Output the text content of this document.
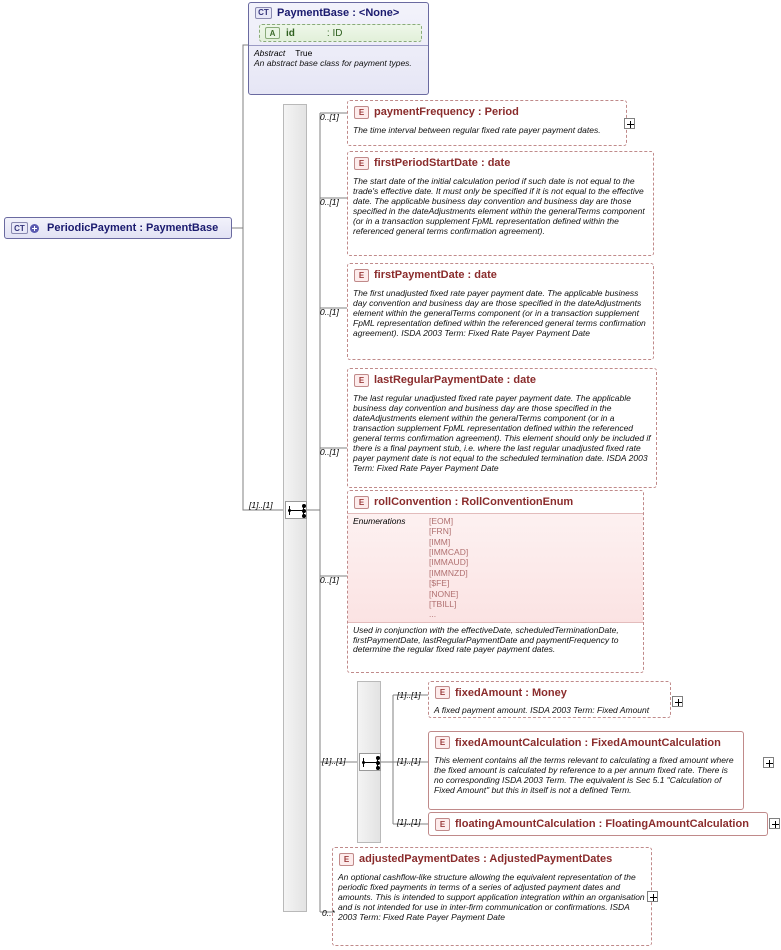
CT PeriodicPayment : PaymentBase
CT PaymentBase : <None>
A	id	: ID
Abstract True
An abstract base class for payment types.
[1]..[1]
E paymentFrequency : Period
The time interval between regular fixed rate payer payment dates.
0..[1]
E firstPeriodStartDate : date
The start date of the initial calculation period if such date is not equal to the trade's effective date. It must only be specified if it is not equal to the effective date. The applicable business day convention and business day are those specified in the dateAdjustments element within the generalTerms component (or in a transaction supplement FpML representation defined within the referenced general terms confirmation agreement).
0..[1]
E firstPaymentDate : date
The first unadjusted fixed rate payer payment date. The applicable business day convention and business day are those specified in the dateAdjustments element within the generalTerms component (or in a transaction supplement FpML representation defined within the referenced general terms confirmation agreement). ISDA 2003 Term: Fixed Rate Payer Payment Date
0..[1]
E lastRegularPaymentDate : date
The last regular unadjusted fixed rate payer payment date. The applicable business day convention and business day are those specified in the dateAdjustments element within the generalTerms component (or in a transaction supplement FpML representation defined within the referenced general terms confirmation agreement). This element should only be included if there is a final payment stub, i.e. where the last regular unadjusted fixed rate payer payment date is not equal to the scheduled termination date. ISDA 2003 Term: Fixed Rate Payer Payment Date
0..[1]
E rollConvention : RollConventionEnum
Enumerations	[EOM]
[FRN]
[IMM]
[IMMCAD]
[IMMAUD]
[IMMNZD]
[$FE]
[NONE]
[TBILL]
...
Used in conjunction with the effectiveDate, scheduledTerminationDate, firstPaymentDate, lastRegularPaymentDate and paymentFrequency to determine the regular fixed rate payer payment dates.
0..[1]
[1]..[1]
E fixedAmount : Money
A fixed payment amount. ISDA 2003 Term: Fixed Amount
[1]..[1]
E fixedAmountCalculation : FixedAmountCalculation
This element contains all the terms relevant to calculating a fixed amount where the fixed amount is calculated by reference to a per annum fixed rate. There is no corresponding ISDA 2003 Term. The equivalent is Sec 5.1 "Calculation of Fixed Amount" but this in itself is not a defined Term.
[1]..[1]
E floatingAmountCalculation : FloatingAmountCalculation
[1]..[1]
E adjustedPaymentDates : AdjustedPaymentDates
An optional cashflow-like structure allowing the equivalent representation of the periodic fixed payments in terms of a series of adjusted payment dates and amounts. This is intended to support application integration within an organisation and is not intended for use in inter-firm communication or confirmations. ISDA 2003 Term: Fixed Rate Payer Payment Date
0..*
